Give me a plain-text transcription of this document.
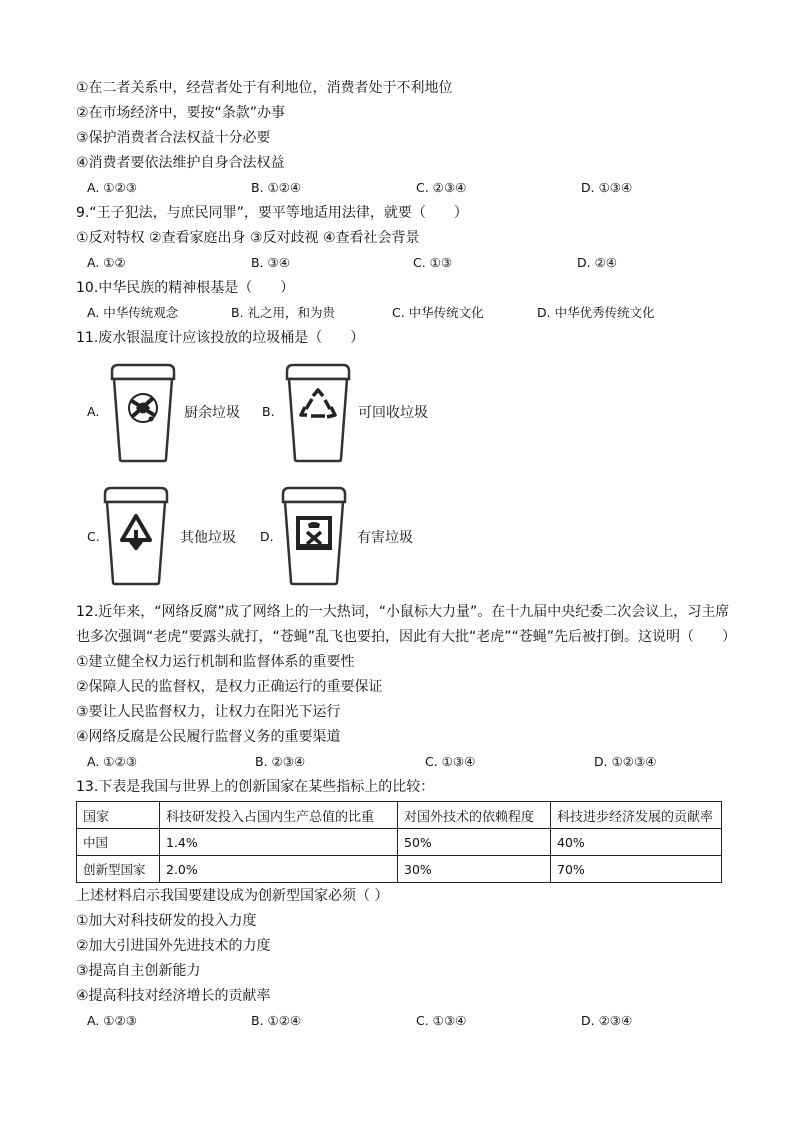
①在二者关系中，经营者处于有利地位，消费者处于不利地位
②在市场经济中，要按“条款”办事
③保护消费者合法权益十分必要
④消费者要依法维护自身合法权益
A. ①②③	B. ①②④	C. ②③④	D. ①③④
9.“王子犯法，与庶民同罪”，要平等地适用法律，就要（　　）
①反对特权 ②查看家庭出身 ③反对歧视 ④查看社会背景
A. ①②	B. ③④	C. ①③	D. ②④
10.中华民族的精神根基是（　　）
A. 中华传统观念	B. 礼之用，和为贵	C. 中华传统文化	D. 中华优秀传统文化
11.废水银温度计应该投放的垃圾桶是（　　）
A.	厨余垃圾 B.	可回收垃圾
C.	其他垃圾 D.	有害垃圾
12.近年来，“网络反腐”成了网络上的一大热词，“小鼠标大力量”。在十九届中央纪委二次会议上，习主席
也多次强调“老虎”要露头就打，“苍蝇”乱飞也要拍，因此有大批“老虎”“苍蝇”先后被打倒。这说明（　　）
①建立健全权力运行机制和监督体系的重要性
②保障人民的监督权，是权力正确运行的重要保证
③要让人民监督权力，让权力在阳光下运行
④网络反腐是公民履行监督义务的重要渠道
A. ①②③	B. ②③④	C. ①③④	D. ①②③④
13.下表是我国与世界上的创新国家在某些指标上的比较：
国家	科技研发投入占国内生产总值的比重	对国外技术的依赖程度	科技进步经济发展的贡献率
中国	1.4%	50%	40%
创新型国家	2.0%	30%	70%
上述材料启示我国要建设成为创新型国家必须（ ）
①加大对科技研发的投入力度
②加大引进国外先进技术的力度
③提高自主创新能力
④提高科技对经济增长的贡献率
A. ①②③	B. ①②④	C. ①③④	D. ②③④
